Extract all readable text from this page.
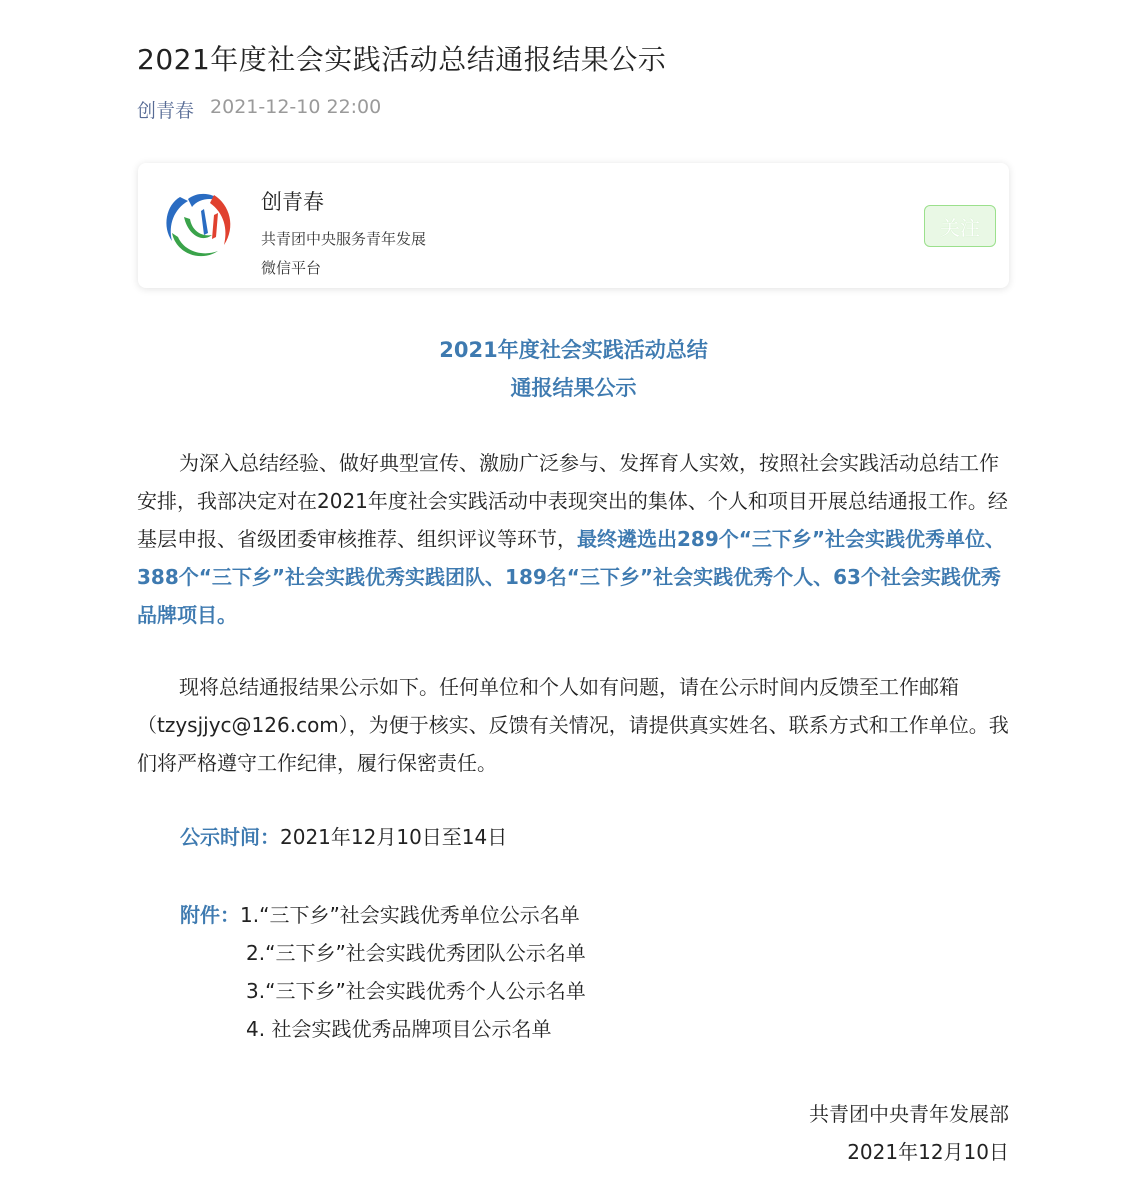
2021年度社会实践活动总结通报结果公示
创青春 2021-12-10 22:00
创青春
共青团中央服务青年发展
微信平台
关注
2021年度社会实践活动总结
通报结果公示
为深入总结经验、做好典型宣传、激励广泛参与、发挥育人实效，按照社会实践活动总结工作安排，我部决定对在2021年度社会实践活动中表现突出的集体、个人和项目开展总结通报工作。经基层申报、省级团委审核推荐、组织评议等环节，最终遴选出289个“三下乡”社会实践优秀单位、388个“三下乡”社会实践优秀实践团队、189名“三下乡”社会实践优秀个人、63个社会实践优秀品牌项目。
现将总结通报结果公示如下。任何单位和个人如有问题，请在公示时间内反馈至工作邮箱（tzysjjyc@126.com），为便于核实、反馈有关情况，请提供真实姓名、联系方式和工作单位。我们将严格遵守工作纪律，履行保密责任。
公示时间：2021年12月10日至14日
附件： 1.“三下乡”社会实践优秀单位公示名单
2.“三下乡”社会实践优秀团队公示名单
3.“三下乡”社会实践优秀个人公示名单
4. 社会实践优秀品牌项目公示名单
共青团中央青年发展部
2021年12月10日
